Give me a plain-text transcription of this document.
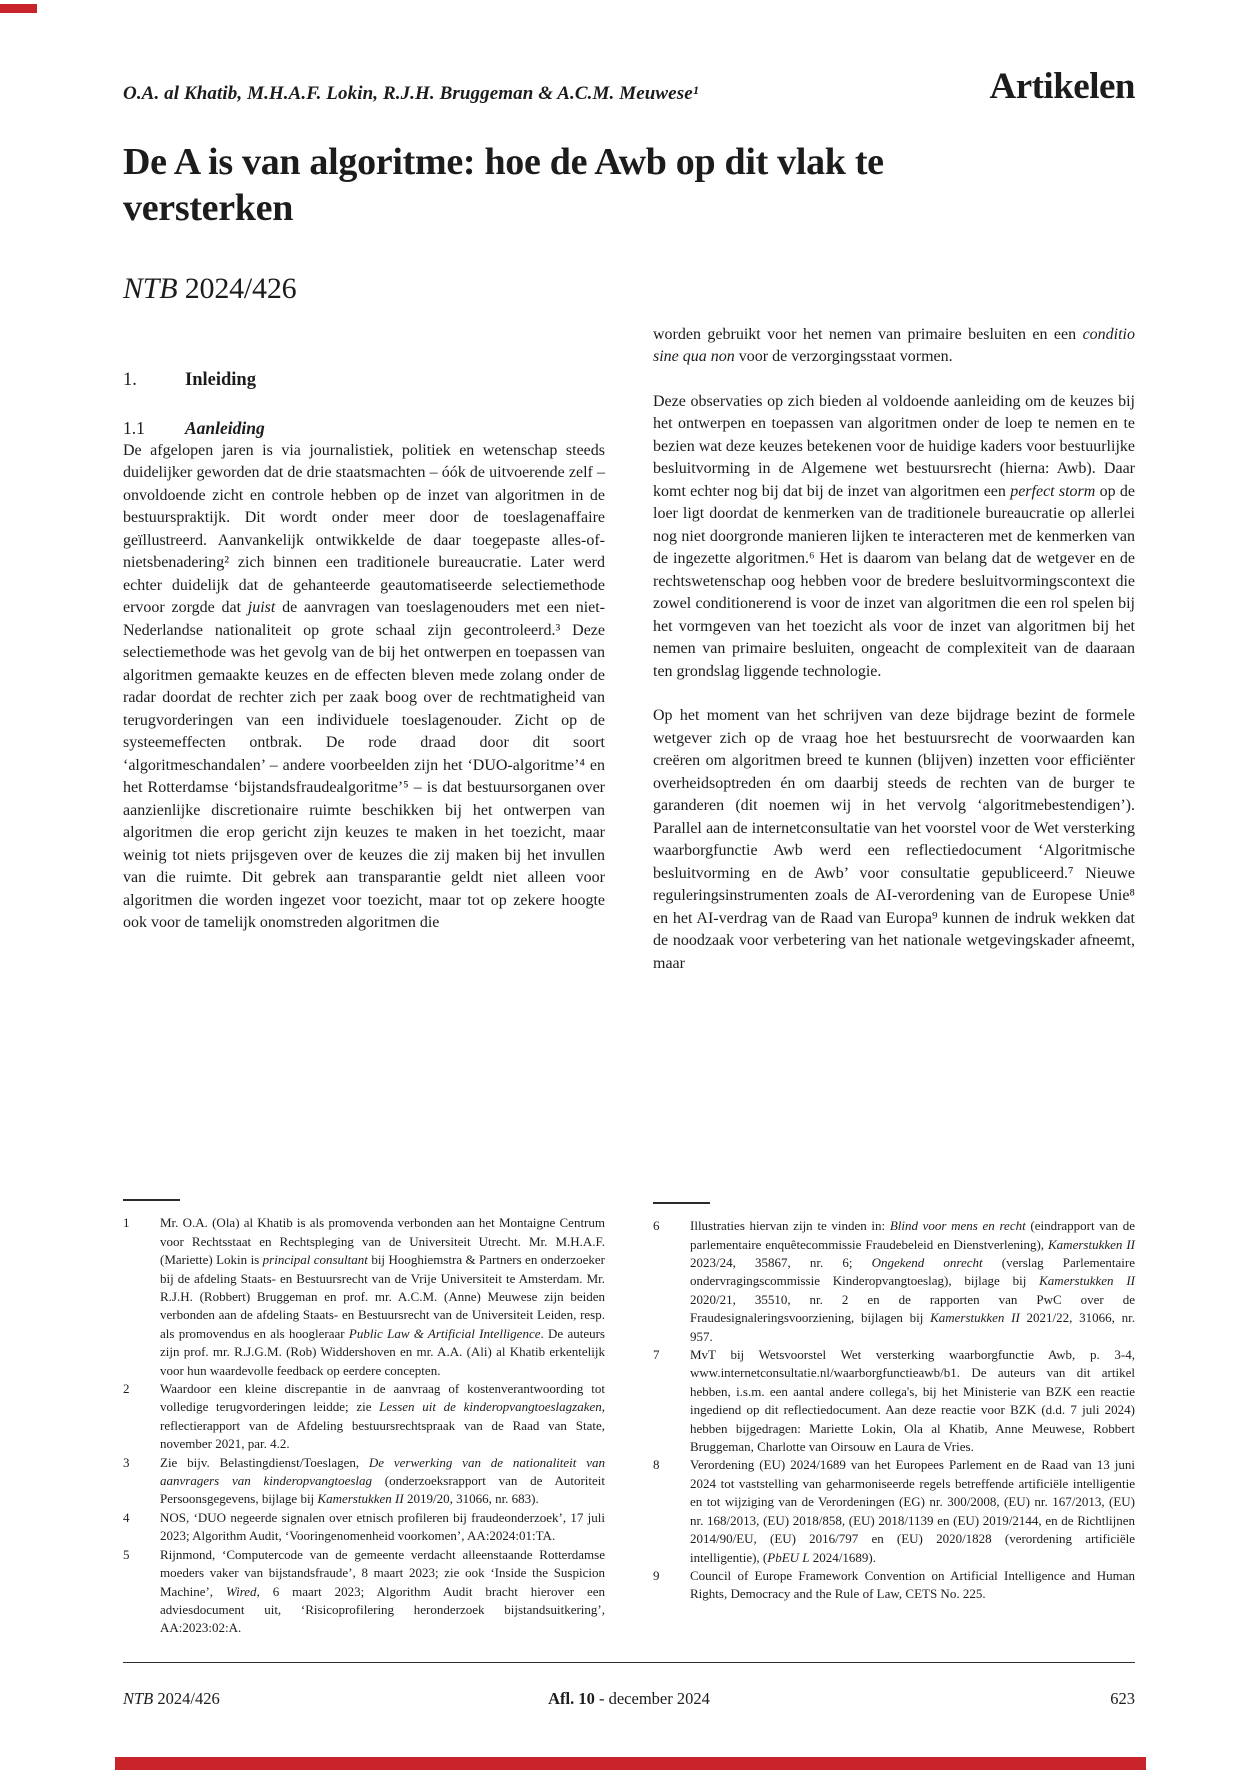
O.A. al Khatib, M.H.A.F. Lokin, R.J.H. Bruggeman & A.C.M. Meuwese¹	Artikelen
De A is van algoritme: hoe de Awb op dit vlak te versterken
NTB 2024/426
1.	Inleiding
1.1 Aanleiding

De afgelopen jaren is via journalistiek, politiek en wetenschap steeds duidelijker geworden dat de drie staatsmachten – óók de uitvoerende zelf – onvoldoende zicht en controle hebben op de inzet van algoritmen in de bestuurspraktijk. Dit wordt onder meer door de toeslagenaffaire geïllustreerd. Aanvankelijk ontwikkelde de daar toegepaste alles-of-nietsbenadering² zich binnen een traditionele bureaucratie. Later werd echter duidelijk dat de gehanteerde geautomatiseerde selectiemethode ervoor zorgde dat juist de aanvragen van toeslagenouders met een niet-Nederlandse nationaliteit op grote schaal zijn gecontroleerd.³ Deze selectiemethode was het gevolg van de bij het ontwerpen en toepassen van algoritmen gemaakte keuzes en de effecten bleven mede zolang onder de radar doordat de rechter zich per zaak boog over de rechtmatigheid van terugvorderingen van een individuele toeslagenouder. Zicht op de systeemeffecten ontbrak. De rode draad door dit soort ‘algoritmeschandalen’ – andere voorbeelden zijn het ‘DUO-algoritme’⁴ en het Rotterdamse ‘bijstandsfraudealgoritme’⁵ – is dat bestuursorganen over aanzienlijke discretionaire ruimte beschikken bij het ontwerpen van algoritmen die erop gericht zijn keuzes te maken in het toezicht, maar weinig tot niets prijsgeven over de keuzes die zij maken bij het invullen van die ruimte. Dit gebrek aan transparantie geldt niet alleen voor algoritmen die worden ingezet voor toezicht, maar tot op zekere hoogte ook voor de tamelijk onomstreden algoritmen die

1	Mr. O.A. (Ola) al Khatib is als promovenda verbonden aan het Montaigne Centrum voor Rechtsstaat en Rechtspleging van de Universiteit Utrecht. Mr. M.H.A.F. (Mariette) Lokin is principal consultant bij Hooghiemstra & Partners en onderzoeker bij de afdeling Staats- en Bestuursrecht van de Vrije Universiteit te Amsterdam. Mr. R.J.H. (Robbert) Bruggeman en prof. mr. A.C.M. (Anne) Meuwese zijn beiden verbonden aan de afdeling Staats- en Bestuursrecht van de Universiteit Leiden, resp. als promovendus en als hoogleraar Public Law & Artificial Intelligence. De auteurs zijn prof. mr. R.J.G.M. (Rob) Widdershoven en mr. A.A. (Ali) al Khatib erkentelijk voor hun waardevolle feedback op eerdere concepten.
2	Waardoor een kleine discrepantie in de aanvraag of kostenverantwoording tot volledige terugvorderingen leidde; zie Lessen uit de kinderopvangtoeslagzaken, reflectierapport van de Afdeling bestuursrechtspraak van de Raad van State, november 2021, par. 4.2.
3	Zie bijv. Belastingdienst/Toeslagen, De verwerking van de nationaliteit van aanvragers van kinderopvangtoeslag (onderzoeksrapport van de Autoriteit Persoonsgegevens, bijlage bij Kamerstukken II 2019/20, 31066, nr. 683).
4	NOS, ‘DUO negeerde signalen over etnisch profileren bij fraudeonderzoek’, 17 juli 2023; Algorithm Audit, ‘Vooringenomenheid voorkomen’, AA:2024:01:TA.
5	Rijnmond, ‘Computercode van de gemeente verdacht alleenstaande Rotterdamse moeders vaker van bijstandsfraude’, 8 maart 2023; zie ook ‘Inside the Suspicion Machine’, Wired, 6 maart 2023; Algorithm Audit bracht hierover een adviesdocument uit, ‘Risicoprofilering heronderzoek bijstandsuitkering’, AA:2023:02:A.

worden gebruikt voor het nemen van primaire besluiten en een conditio sine qua non voor de verzorgingsstaat vormen.

Deze observaties op zich bieden al voldoende aanleiding om de keuzes bij het ontwerpen en toepassen van algoritmen onder de loep te nemen en te bezien wat deze keuzes betekenen voor de huidige kaders voor bestuurlijke besluitvorming in de Algemene wet bestuursrecht (hierna: Awb). Daar komt echter nog bij dat bij de inzet van algoritmen een perfect storm op de loer ligt doordat de kenmerken van de traditionele bureaucratie op allerlei nog niet doorgronde manieren lijken te interacteren met de kenmerken van de ingezette algoritmen.⁶ Het is daarom van belang dat de wetgever en de rechtswetenschap oog hebben voor de bredere besluitvormingscontext die zowel conditionerend is voor de inzet van algoritmen die een rol spelen bij het vormgeven van het toezicht als voor de inzet van algoritmen bij het nemen van primaire besluiten, ongeacht de complexiteit van de daaraan ten grondslag liggende technologie.

Op het moment van het schrijven van deze bijdrage bezint de formele wetgever zich op de vraag hoe het bestuursrecht de voorwaarden kan creëren om algoritmen breed te kunnen (blijven) inzetten voor efficiënter overheidsoptreden én om daarbij steeds de rechten van de burger te garanderen (dit noemen wij in het vervolg ‘algoritmebestendigen’). Parallel aan de internetconsultatie van het voorstel voor de Wet versterking waarborgfunctie Awb werd een reflectiedocument ‘Algoritmische besluitvorming en de Awb’ voor consultatie gepubliceerd.⁷ Nieuwe reguleringsinstrumenten zoals de AI-verordening van de Europese Unie⁸ en het AI-verdrag van de Raad van Europa⁹ kunnen de indruk wekken dat de noodzaak voor verbetering van het nationale wetgevingskader afneemt, maar

6	Illustraties hiervan zijn te vinden in: Blind voor mens en recht (eindrapport van de parlementaire enquêtecommissie Fraudebeleid en Dienstverlening), Kamerstukken II 2023/24, 35867, nr. 6; Ongekend onrecht (verslag Parlementaire ondervragingscommissie Kinderopvangtoeslag), bijlage bij Kamerstukken II 2020/21, 35510, nr. 2 en de rapporten van PwC over de Fraudesignaleringsvoorziening, bijlagen bij Kamerstukken II 2021/22, 31066, nr. 957.
7	MvT bij Wetsvoorstel Wet versterking waarborgfunctie Awb, p. 3-4, www.internetconsultatie.nl/waarborgfunctieawb/b1. De auteurs van dit artikel hebben, i.s.m. een aantal andere collega's, bij het Ministerie van BZK een reactie ingediend op dit reflectiedocument. Aan deze reactie voor BZK (d.d. 7 juli 2024) hebben bijgedragen: Mariette Lokin, Ola al Khatib, Anne Meuwese, Robbert Bruggeman, Charlotte van Oirsouw en Laura de Vries.
8	Verordening (EU) 2024/1689 van het Europees Parlement en de Raad van 13 juni 2024 tot vaststelling van geharmoniseerde regels betreffende artificiële intelligentie en tot wijziging van de Verordeningen (EG) nr. 300/2008, (EU) nr. 167/2013, (EU) nr. 168/2013, (EU) 2018/858, (EU) 2018/1139 en (EU) 2019/2144, en de Richtlijnen 2014/90/EU, (EU) 2016/797 en (EU) 2020/1828 (verordening artificiële intelligentie), (PbEU L 2024/1689).
9	Council of Europe Framework Convention on Artificial Intelligence and Human Rights, Democracy and the Rule of Law, CETS No. 225.
NTB 2024/426	Afl. 10 - december 2024	623
